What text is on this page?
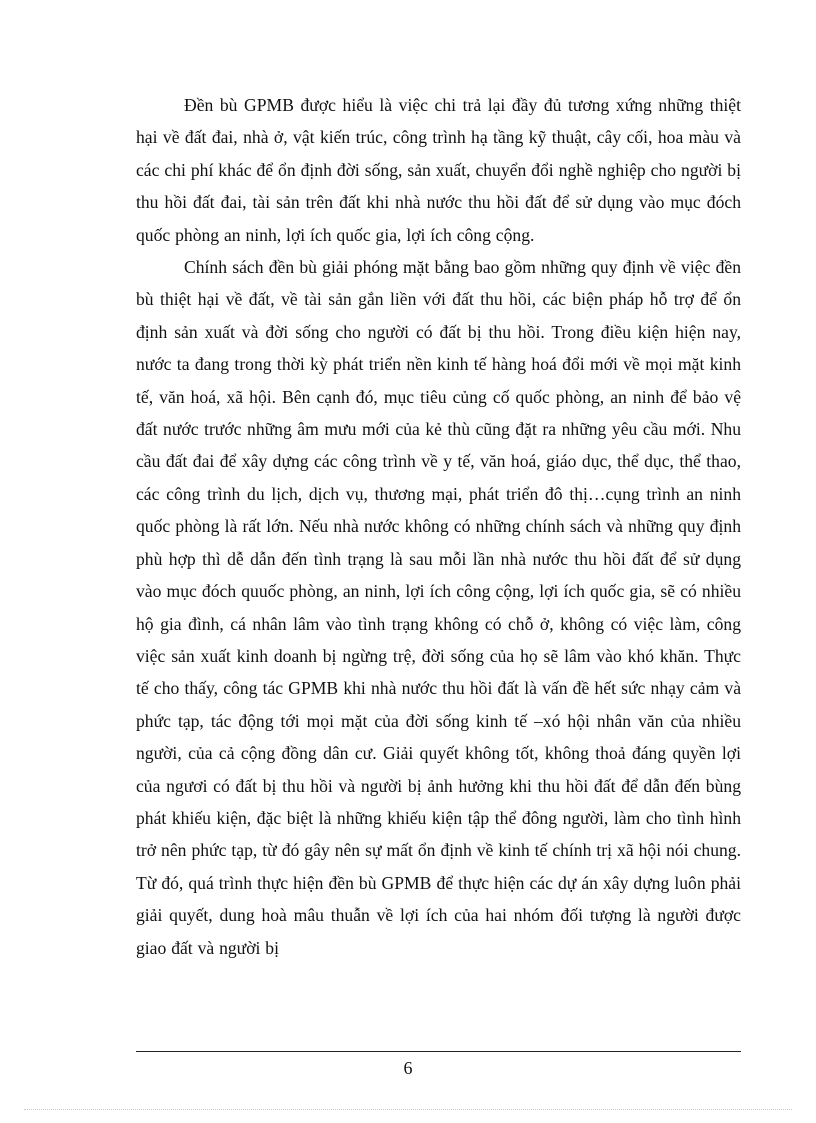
Đền bù GPMB được hiểu là việc chi trả lại đầy đủ tương xứng những thiệt hại về đất đai, nhà ở, vật kiến trúc, công trình hạ tầng kỹ thuật, cây cối, hoa màu và các chi phí khác để ổn định đời sống, sản xuất, chuyển đổi nghề nghiệp cho người bị thu hồi đất đai, tài sản trên đất khi nhà nước thu hồi đất để sử dụng vào mục đóch quốc phòng an ninh, lợi ích quốc gia, lợi ích công cộng.

Chính sách đền bù giải phóng mặt bằng bao gồm những quy định về việc đền bù thiệt hại về đất, về tài sản gắn liền với đất thu hồi, các biện pháp hỗ trợ để ổn định sản xuất và đời sống cho người có đất bị thu hồi. Trong điều kiện hiện nay, nước ta đang trong thời kỳ phát triển nền kinh tế hàng hoá đổi mới về mọi mặt kinh tế, văn hoá, xã hội. Bên cạnh đó, mục tiêu củng cố quốc phòng, an ninh để bảo vệ đất nước trước những âm mưu mới của kẻ thù cũng đặt ra những yêu cầu mới. Nhu cầu đất đai để xây dựng các công trình về y tế, văn hoá, giáo dục, thể dục, thể thao, các công trình du lịch, dịch vụ, thương mại, phát triển đô thị…cụng trình an ninh quốc phòng là rất lớn. Nếu nhà nước không có những chính sách và những quy định phù hợp thì dễ dẫn đến tình trạng là sau mỗi lần nhà nước thu hồi đất để sử dụng vào mục đóch quuốc phòng, an ninh, lợi ích công cộng, lợi ích quốc gia, sẽ có nhiều hộ gia đình, cá nhân lâm vào tình trạng không có chỗ ở, không có việc làm, công việc sản xuất kinh doanh bị ngừng trệ, đời sống của họ sẽ lâm vào khó khăn. Thực tế cho thấy, công tác GPMB khi nhà nước thu hồi đất là vấn đề hết sức nhạy cảm và phức tạp, tác động tới mọi mặt của đời sống kinh tế –xó hội nhân văn của nhiều người, của cả cộng đồng dân cư. Giải quyết không tốt, không thoả đáng quyền lợi của ngươi có đất bị thu hồi và người bị ảnh hưởng khi thu hồi đất để dẫn đến bùng phát khiếu kiện, đặc biệt là những khiếu kiện tập thể đông người, làm cho tình hình trở nên phức tạp, từ đó gây nên sự mất ổn định về kinh tế chính trị xã hội nói chung. Từ đó, quá trình thực hiện đền bù GPMB để thực hiện các dự án xây dựng luôn phải giải quyết, dung hoà mâu thuẫn về lợi ích của hai nhóm đối tượng là người được giao đất và người bị

6
